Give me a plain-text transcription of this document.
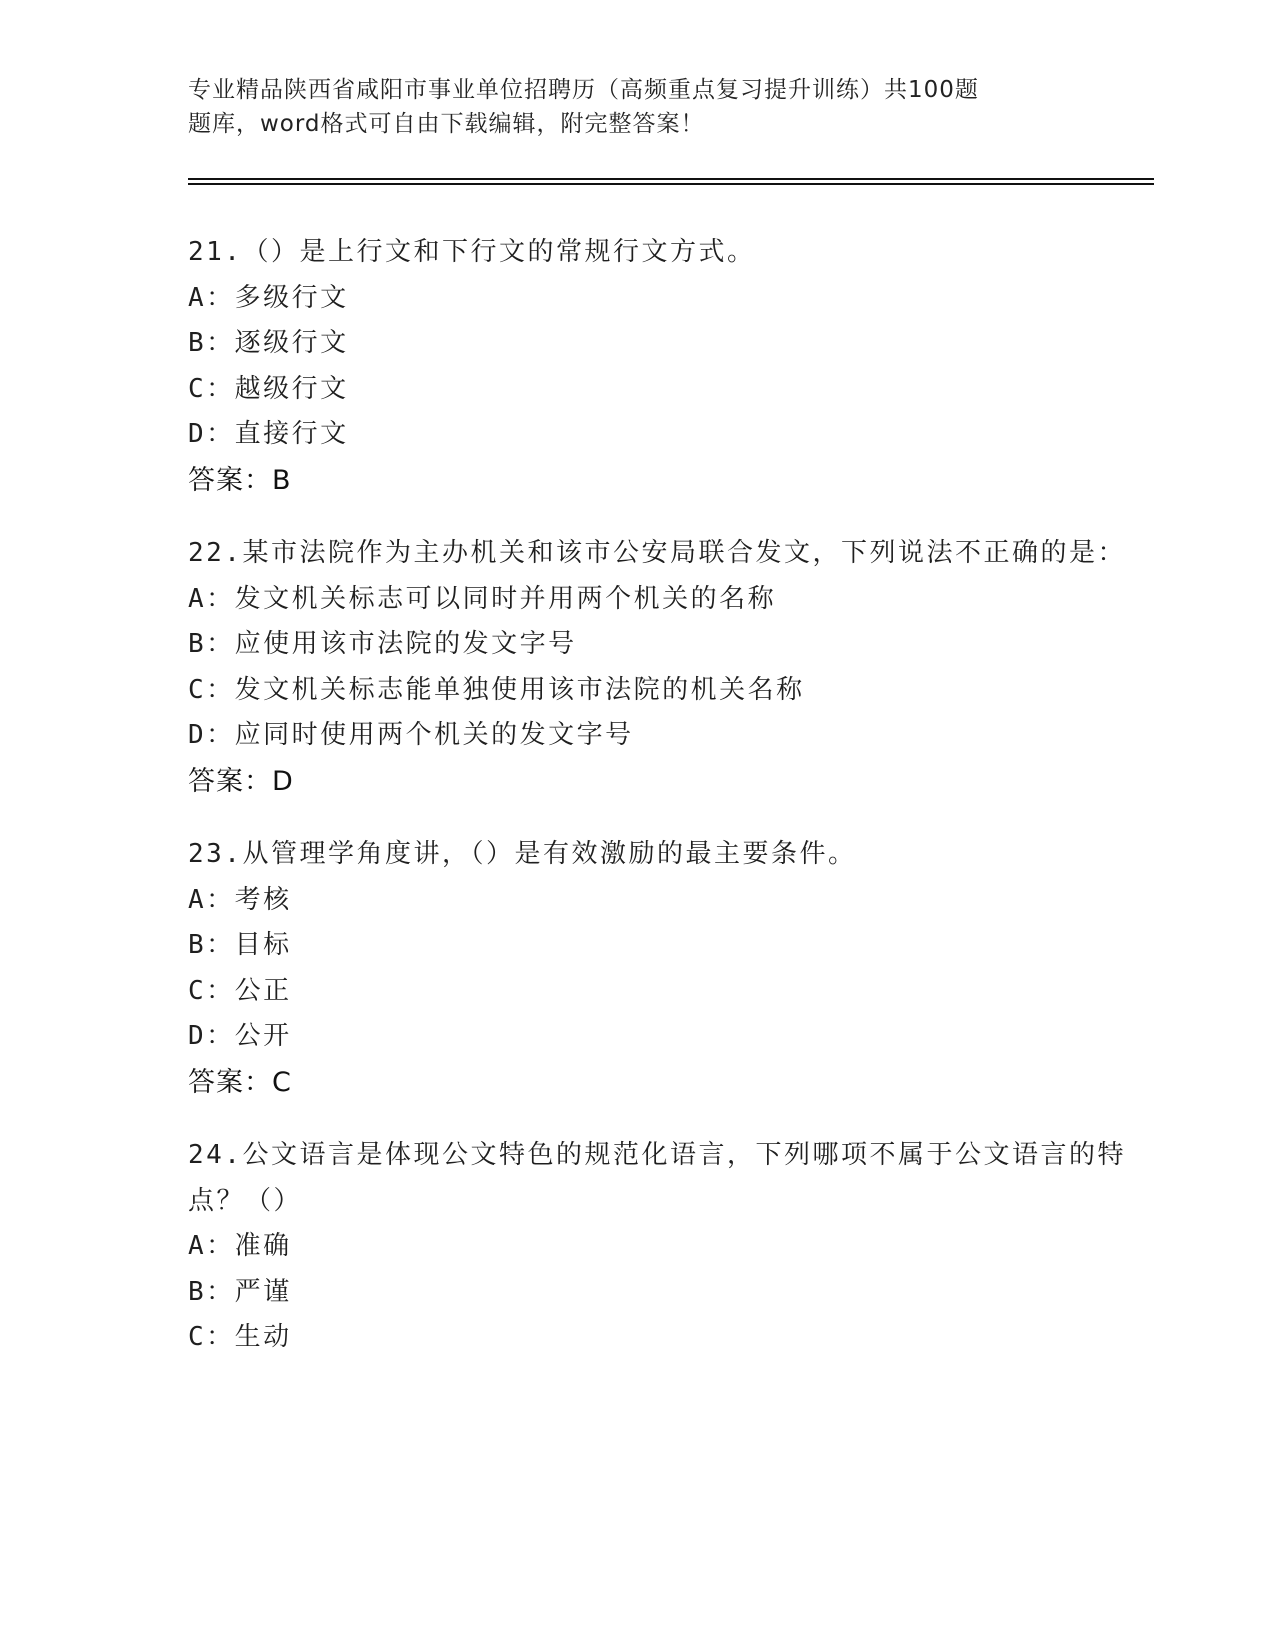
专业精品陕西省咸阳市事业单位招聘历（高频重点复习提升训练）共100题
题库，word格式可自由下载编辑，附完整答案！

21.（）是上行文和下行文的常规行文方式。

A：多级行文

B：逐级行文

C：越级行文

D：直接行文

答案：B

22.某市法院作为主办机关和该市公安局联合发文，下列说法不正确的是：

A：发文机关标志可以同时并用两个机关的名称

B：应使用该市法院的发文字号

C：发文机关标志能单独使用该市法院的机关名称

D：应同时使用两个机关的发文字号

答案：D

23.从管理学角度讲，（）是有效激励的最主要条件。

A：考核

B：目标

C：公正

D：公开

答案：C

24.公文语言是体现公文特色的规范化语言，下列哪项不属于公文语言的特点？（）

A：准确

B：严谨

C：生动
